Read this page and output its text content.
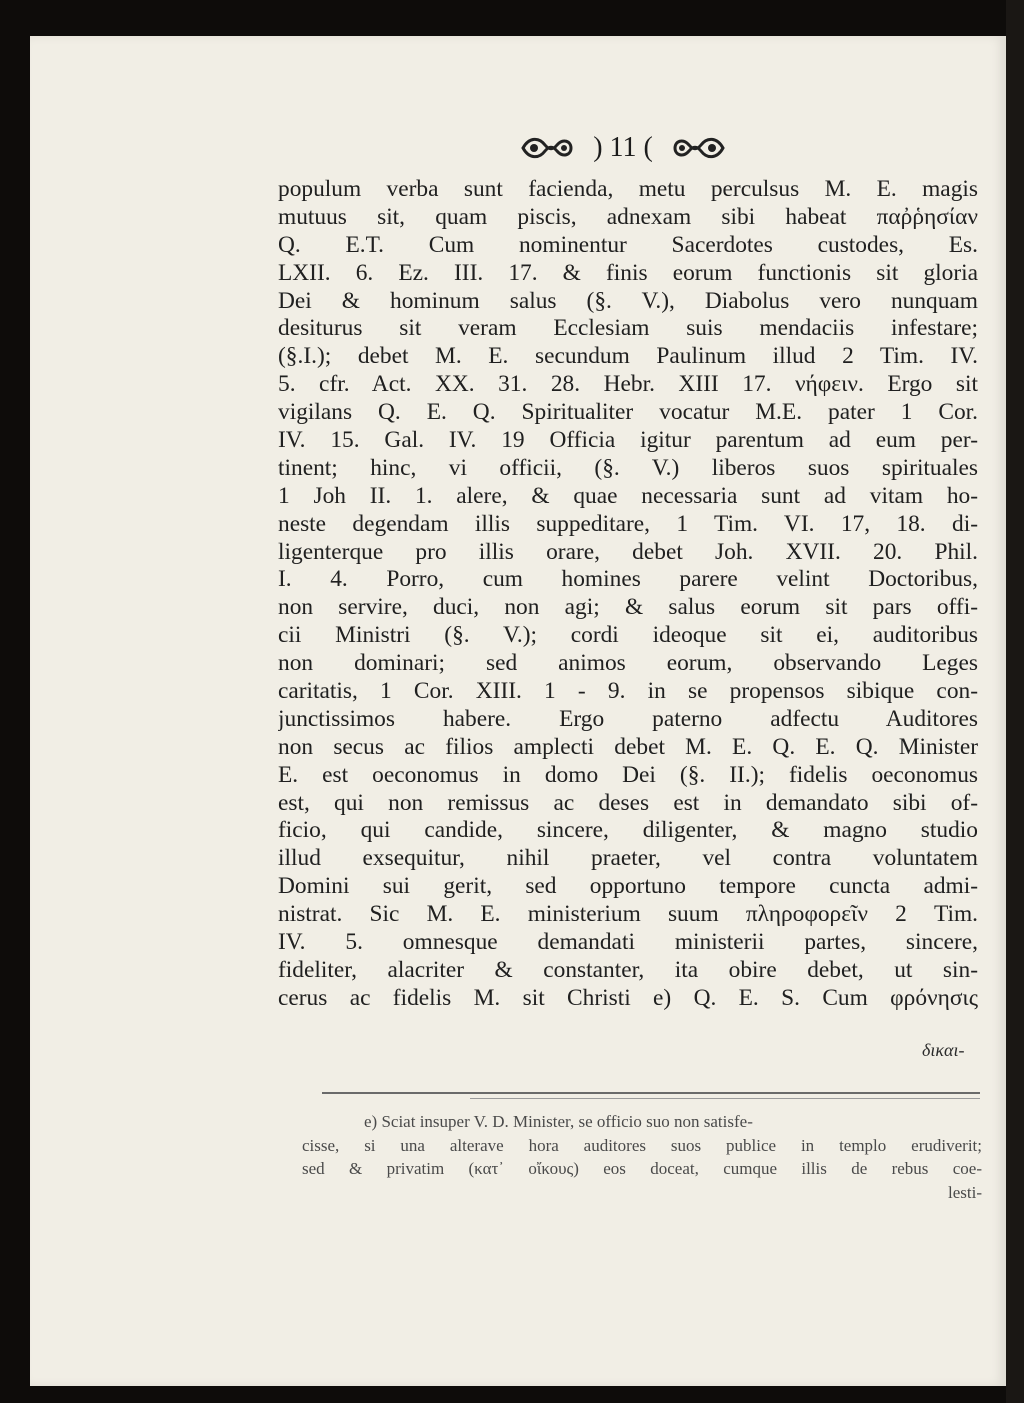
) 11 (
populum verba sunt facienda, metu perculsus M. E. magis
mutuus sit, quam piscis, adnexam sibi habeat παῤῥησίαν
Q. E.T. Cum nominentur Sacerdotes custodes, Es.
LXII. 6. Ez. III. 17. & finis eorum functionis sit gloria
Dei & hominum salus (§. V.), Diabolus vero nunquam
desiturus sit veram Ecclesiam suis mendaciis infestare;
(§.I.); debet M. E. secundum Paulinum illud 2 Tim. IV.
5. cfr. Act. XX. 31. 28. Hebr. XIII 17. νήφειν. Ergo sit
vigilans Q. E. Q. Spiritualiter vocatur M.E. pater 1 Cor.
IV. 15. Gal. IV. 19 Officia igitur parentum ad eum per-
tinent; hinc, vi officii, (§. V.) liberos suos spirituales
1 Joh II. 1. alere, & quae necessaria sunt ad vitam ho-
neste degendam illis suppeditare, 1 Tim. VI. 17, 18. di-
ligenterque pro illis orare, debet Joh. XVII. 20. Phil.
I. 4. Porro, cum homines parere velint Doctoribus,
non servire, duci, non agi; & salus eorum sit pars offi-
cii Ministri (§. V.); cordi ideoque sit ei, auditoribus
non dominari; sed animos eorum, observando Leges
caritatis, 1 Cor. XIII. 1 - 9. in se propensos sibique con-
junctissimos habere. Ergo paterno adfectu Auditores
non secus ac filios amplecti debet M. E. Q. E. Q. Minister
E. est oeconomus in domo Dei (§. II.); fidelis oeconomus
est, qui non remissus ac deses est in demandato sibi of-
ficio, qui candide, sincere, diligenter, & magno studio
illud exsequitur, nihil praeter, vel contra voluntatem
Domini sui gerit, sed opportuno tempore cuncta admi-
nistrat. Sic M. E. ministerium suum πληροφορεῖν 2 Tim.
IV. 5. omnesque demandati ministerii partes, sincere,
fideliter, alacriter & constanter, ita obire debet, ut sin-
cerus ac fidelis M. sit Christi e) Q. E. S. Cum φρόνησις
δικαι-
e) Sciat insuper V. D. Minister, se officio suo non satisfe-
cisse, si una alterave hora auditores suos publice in templo erudiverit;
sed & privatim (κατ᾽ οἴκους) eos doceat, cumque illis de rebus coe-
lesti-
